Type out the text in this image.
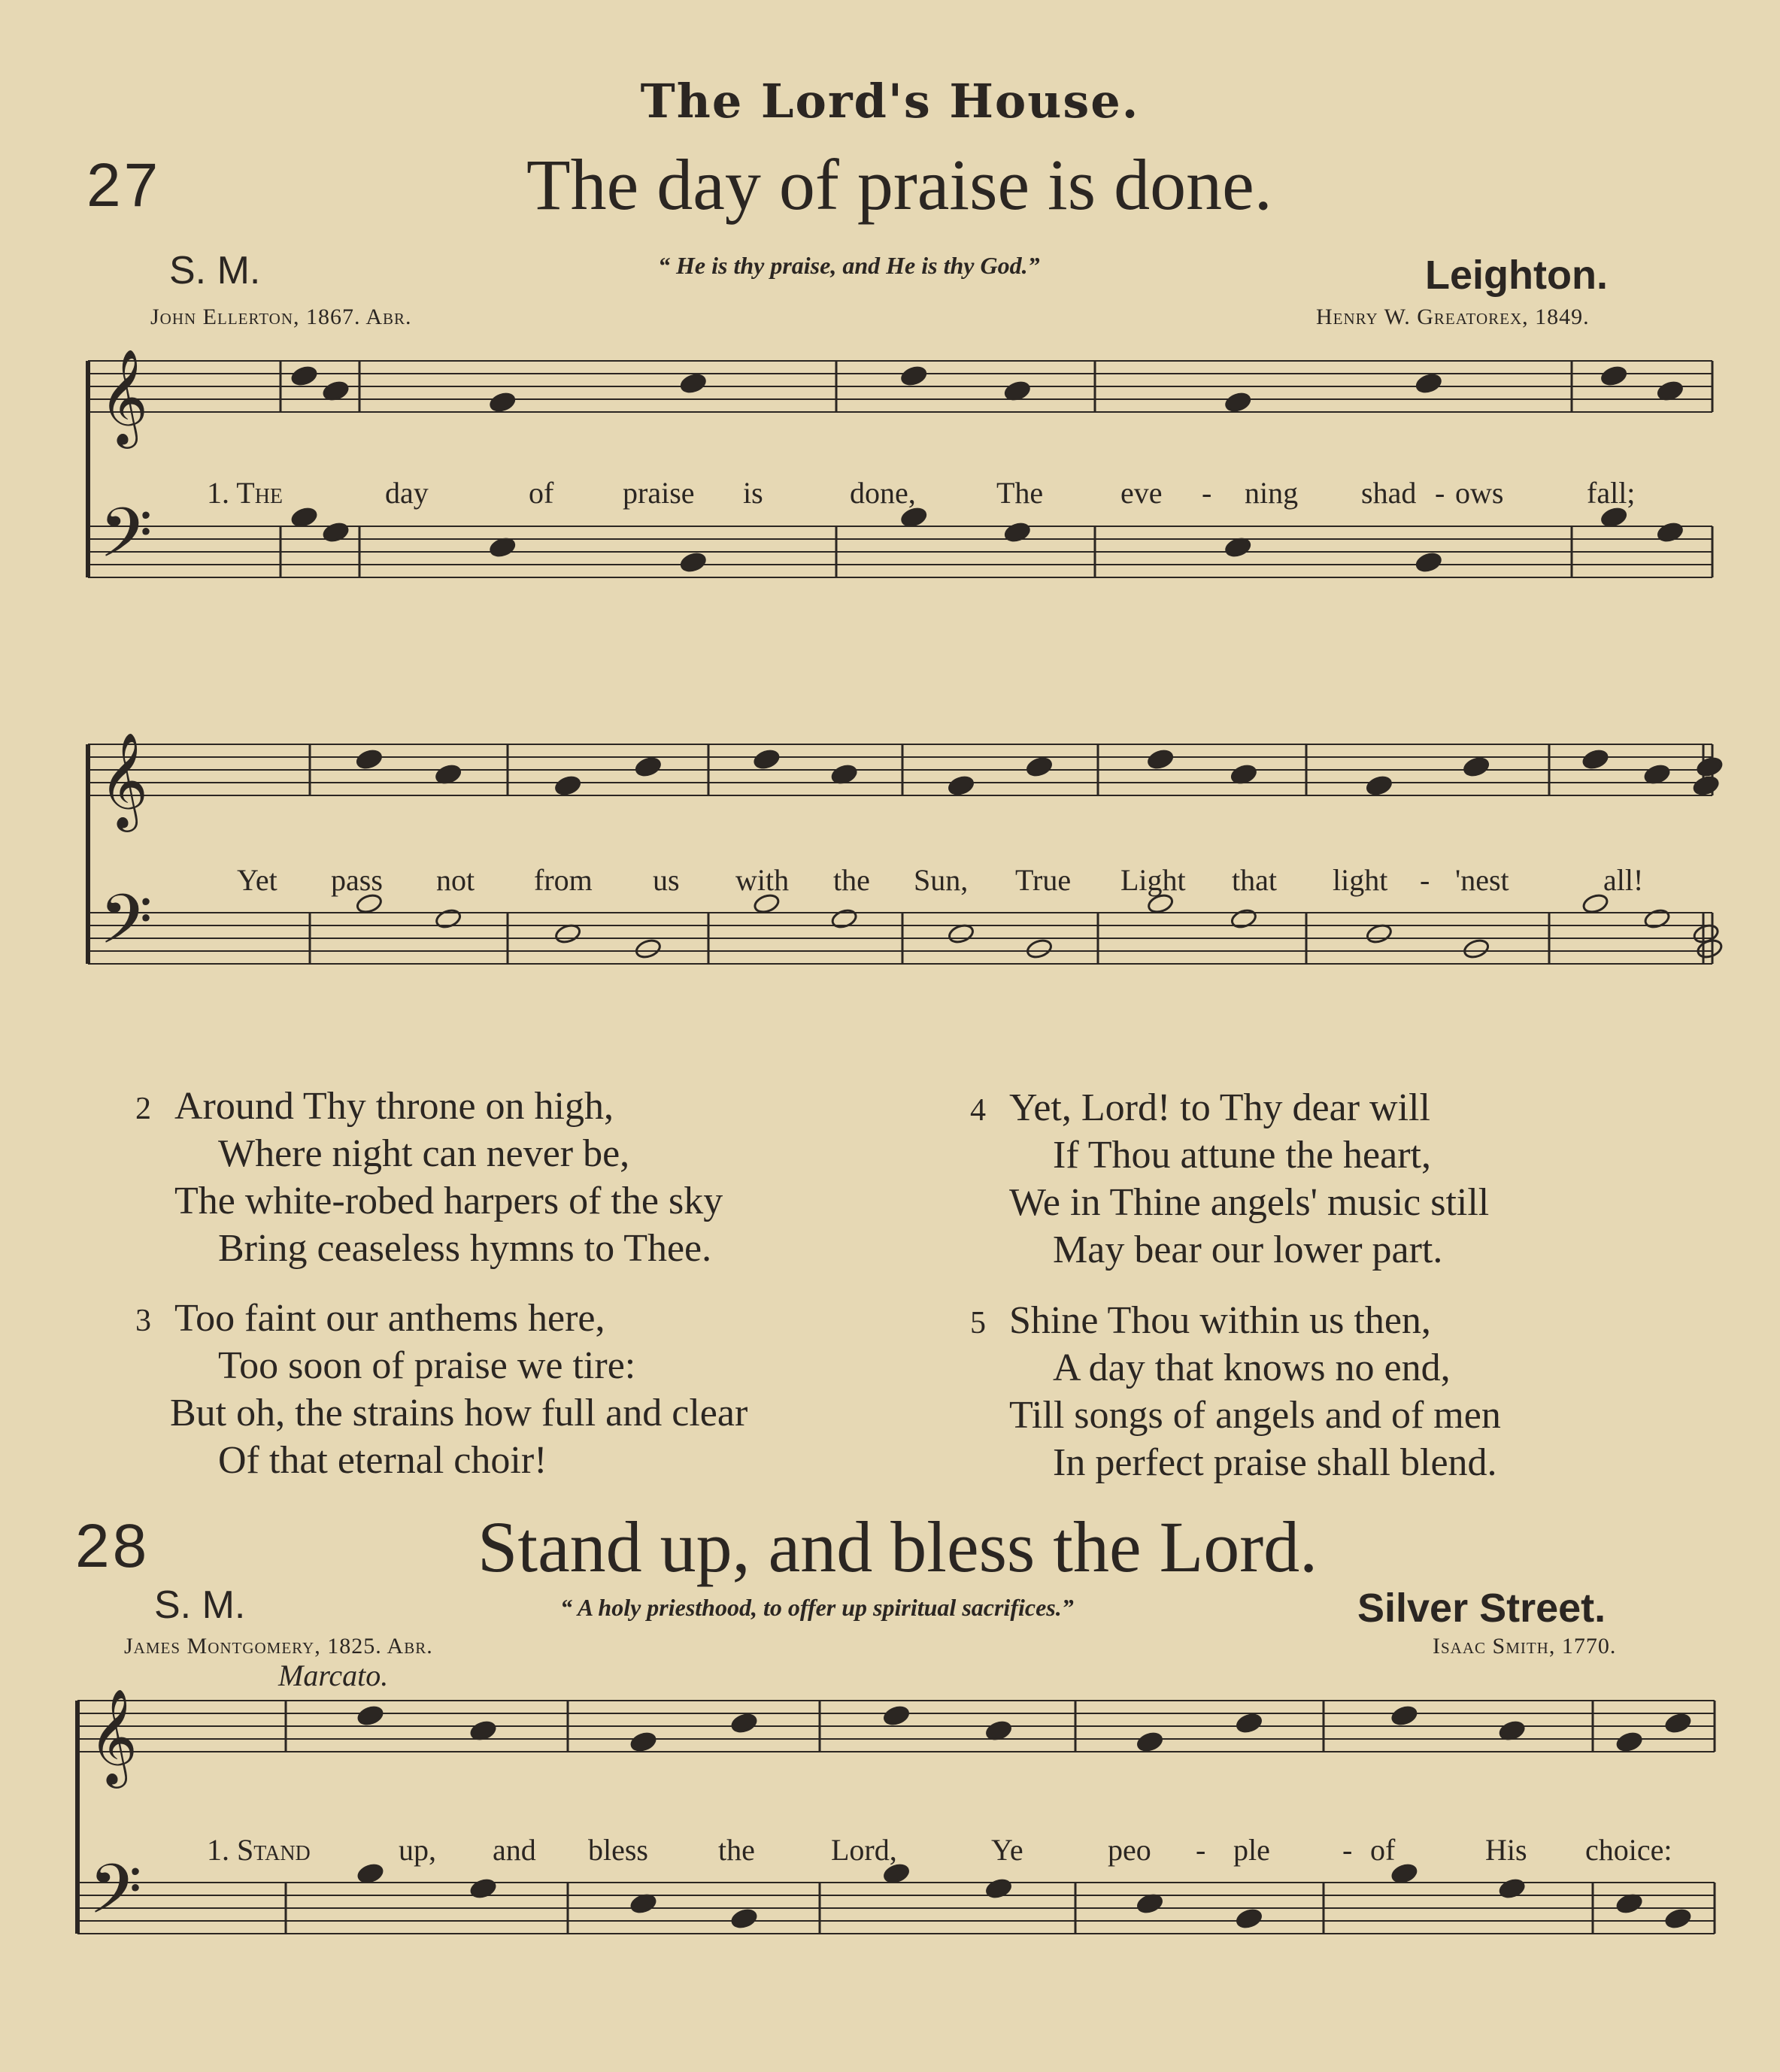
The Lord's House.
27	The day of praise is done.
S. M.	“ He is thy praise, and He is thy God.”	Leighton.
John Ellerton, 1867. Abr.	Henry W. Greatorex, 1849.
1. The	day	of praise is	done,	The	eve - ning shad - ows	fall;
Yet pass not from us with the Sun, True Light that light - 'nest	all!
2 Around Thy throne on high,
Where night can never be,
The white-robed harpers of the sky
Bring ceaseless hymns to Thee.
3 Too faint our anthems here,
Too soon of praise we tire:
But oh, the strains how full and clear
Of that eternal choir!
4 Yet, Lord! to Thy dear will
If Thou attune the heart,
We in Thine angels' music still
May bear our lower part.
5 Shine Thou within us then,
A day that knows no end,
Till songs of angels and of men
In perfect praise shall blend.
28	Stand up, and bless the Lord.
S. M.	“ A holy priesthood, to offer up spiritual sacrifices.”	Silver Street.
James Montgomery, 1825. Abr.	Isaac Smith, 1770.
Marcato.
1. Stand	up, and bless the	Lord,	Ye	peo - ple - of	His choice:
𝄞
𝄢
𝄞
𝄢
𝄞
𝄢
